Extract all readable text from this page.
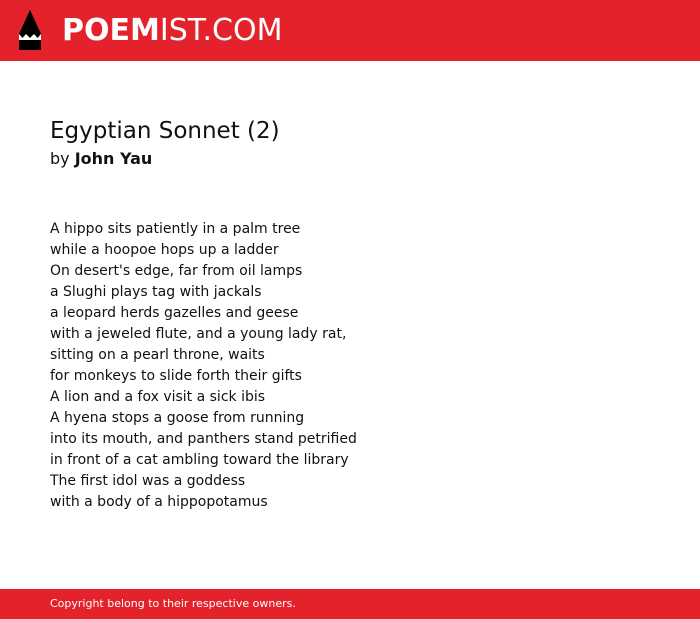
POEMIST.COM
Egyptian Sonnet (2)
by John Yau
A hippo sits patiently in a palm tree
while a hoopoe hops up a ladder
On desert's edge, far from oil lamps
a Slughi plays tag with jackals
a leopard herds gazelles and geese
with a jeweled flute, and a young lady rat,
sitting on a pearl throne, waits
for monkeys to slide forth their gifts
A lion and a fox visit a sick ibis
A hyena stops a goose from running
into its mouth, and panthers stand petrified
in front of a cat ambling toward the library
The first idol was a goddess
with a body of a hippopotamus
Copyright belong to their respective owners.
